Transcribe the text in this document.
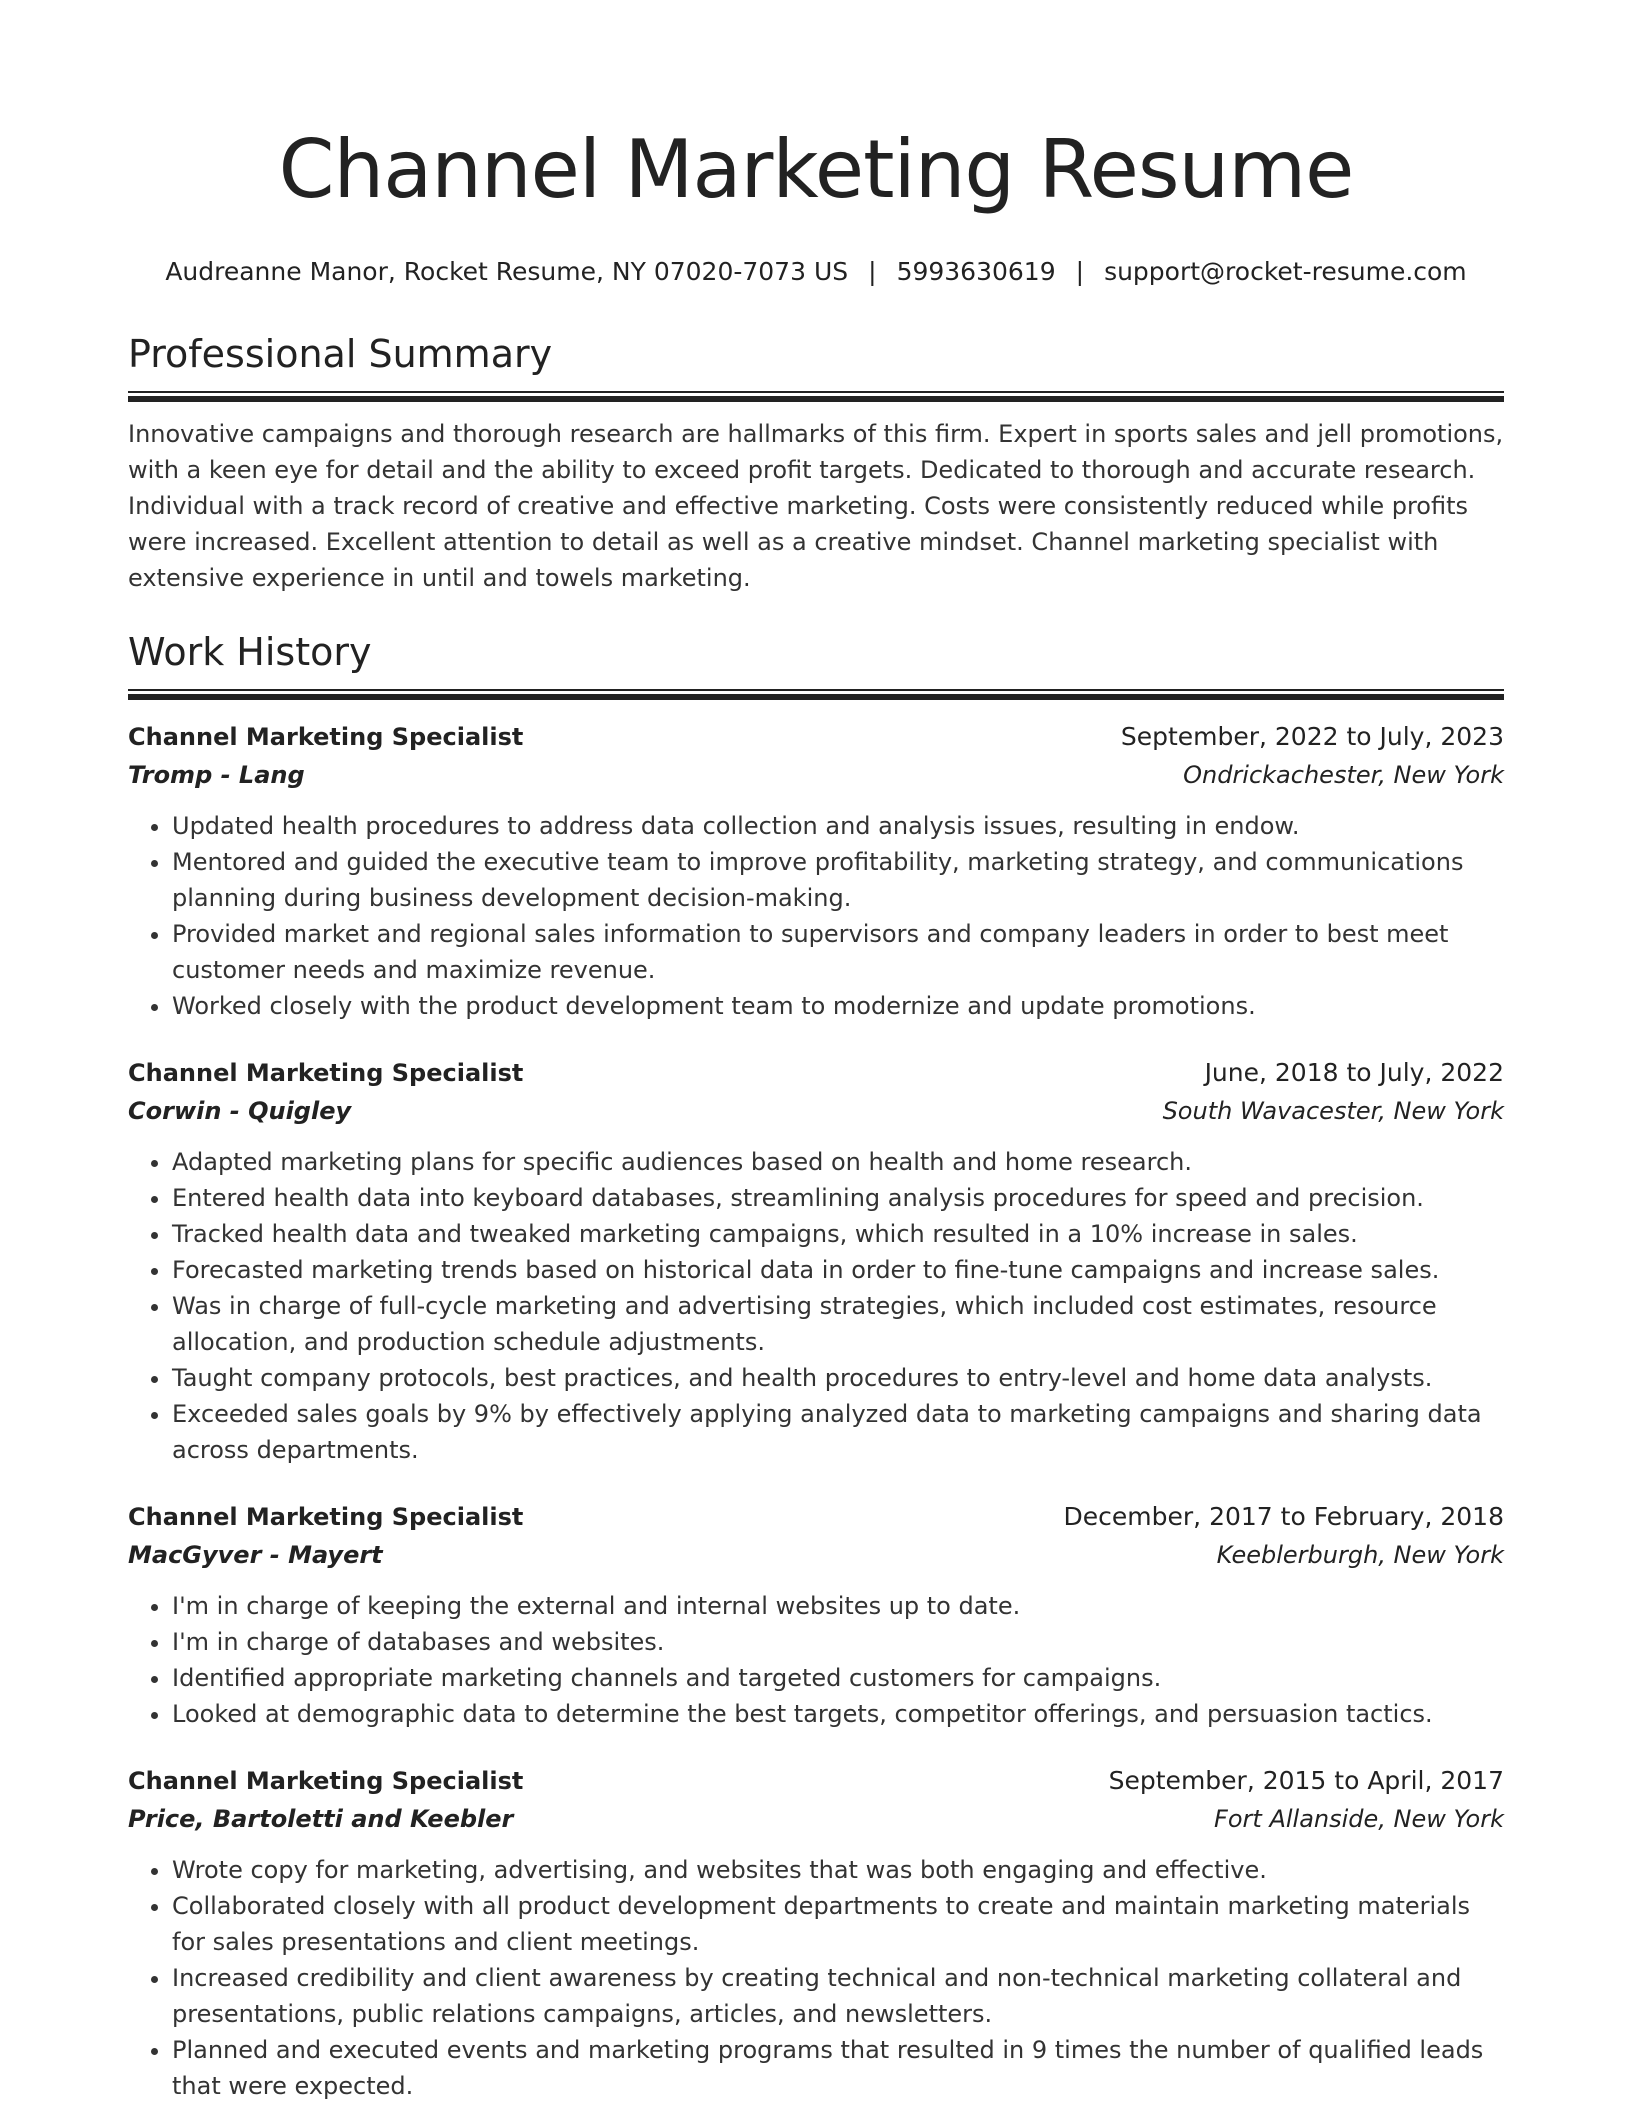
Channel Marketing Resume
Audreanne Manor, Rocket Resume, NY 07020-7073 US | 5993630619 | support@rocket-resume.com
Professional Summary
Innovative campaigns and thorough research are hallmarks of this firm. Expert in sports sales and jell promotions, with a keen eye for detail and the ability to exceed profit targets. Dedicated to thorough and accurate research. Individual with a track record of creative and effective marketing. Costs were consistently reduced while profits were increased. Excellent attention to detail as well as a creative mindset. Channel marketing specialist with extensive experience in until and towels marketing.
Work History
Channel Marketing Specialist	September, 2022 to July, 2023
Tromp - Lang	Ondrickachester, New York
• Updated health procedures to address data collection and analysis issues, resulting in endow.
• Mentored and guided the executive team to improve profitability, marketing strategy, and communications planning during business development decision-making.
• Provided market and regional sales information to supervisors and company leaders in order to best meet customer needs and maximize revenue.
• Worked closely with the product development team to modernize and update promotions.
Channel Marketing Specialist	June, 2018 to July, 2022
Corwin - Quigley	South Wavacester, New York
• Adapted marketing plans for specific audiences based on health and home research.
• Entered health data into keyboard databases, streamlining analysis procedures for speed and precision.
• Tracked health data and tweaked marketing campaigns, which resulted in a 10% increase in sales.
• Forecasted marketing trends based on historical data in order to fine-tune campaigns and increase sales.
• Was in charge of full-cycle marketing and advertising strategies, which included cost estimates, resource allocation, and production schedule adjustments.
• Taught company protocols, best practices, and health procedures to entry-level and home data analysts.
• Exceeded sales goals by 9% by effectively applying analyzed data to marketing campaigns and sharing data across departments.
Channel Marketing Specialist	December, 2017 to February, 2018
MacGyver - Mayert	Keeblerburgh, New York
• I'm in charge of keeping the external and internal websites up to date.
• I'm in charge of databases and websites.
• Identified appropriate marketing channels and targeted customers for campaigns.
• Looked at demographic data to determine the best targets, competitor offerings, and persuasion tactics.
Channel Marketing Specialist	September, 2015 to April, 2017
Price, Bartoletti and Keebler	Fort Allanside, New York
• Wrote copy for marketing, advertising, and websites that was both engaging and effective.
• Collaborated closely with all product development departments to create and maintain marketing materials for sales presentations and client meetings.
• Increased credibility and client awareness by creating technical and non-technical marketing collateral and presentations, public relations campaigns, articles, and newsletters.
• Planned and executed events and marketing programs that resulted in 9 times the number of qualified leads that were expected.
